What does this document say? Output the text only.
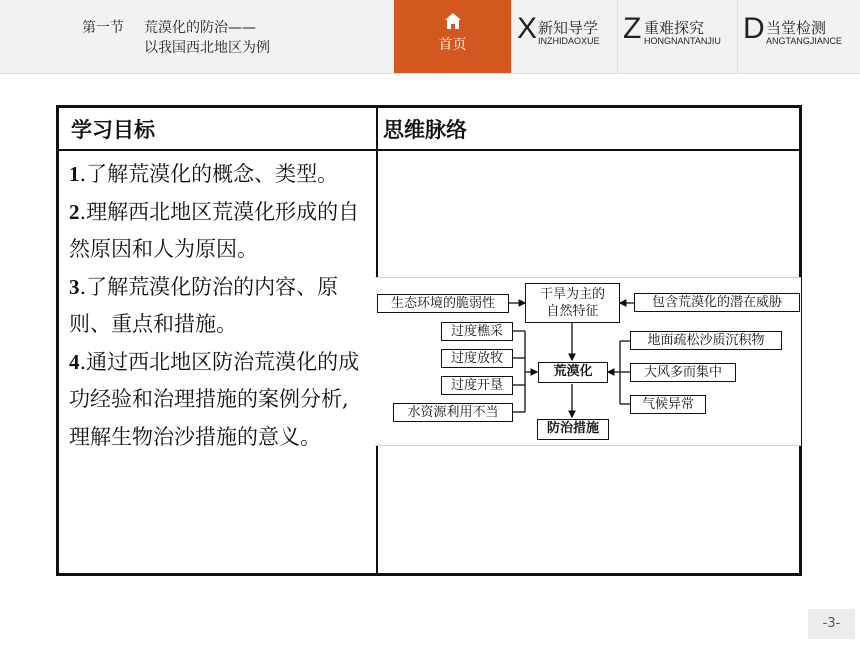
第一节 荒漠化的防治——
以我国西北地区为例	首页	X 新知导学
INZHIDAOXUE Z 重难探究
HONGNANTANJIU D 当堂检测
ANGTANGJIANCE
学习目标	思维脉络
1.了解荒漠化的概念、类型。
2.理解西北地区荒漠化形成的自然原因和人为原因。
3.了解荒漠化防治的内容、原则、重点和措施。
4.通过西北地区防治荒漠化的成功经验和治理措施的案例分析,理解生物治沙措施的意义。
干旱为主的
自然特征
生态环境的脆弱性	包含荒漠化的潜在威胁
过度樵采
过度放牧
过度开垦
水资源利用不当
荒漠化
地面疏松沙质沉积物
大风多而集中
气候异常
防治措施
-3-
